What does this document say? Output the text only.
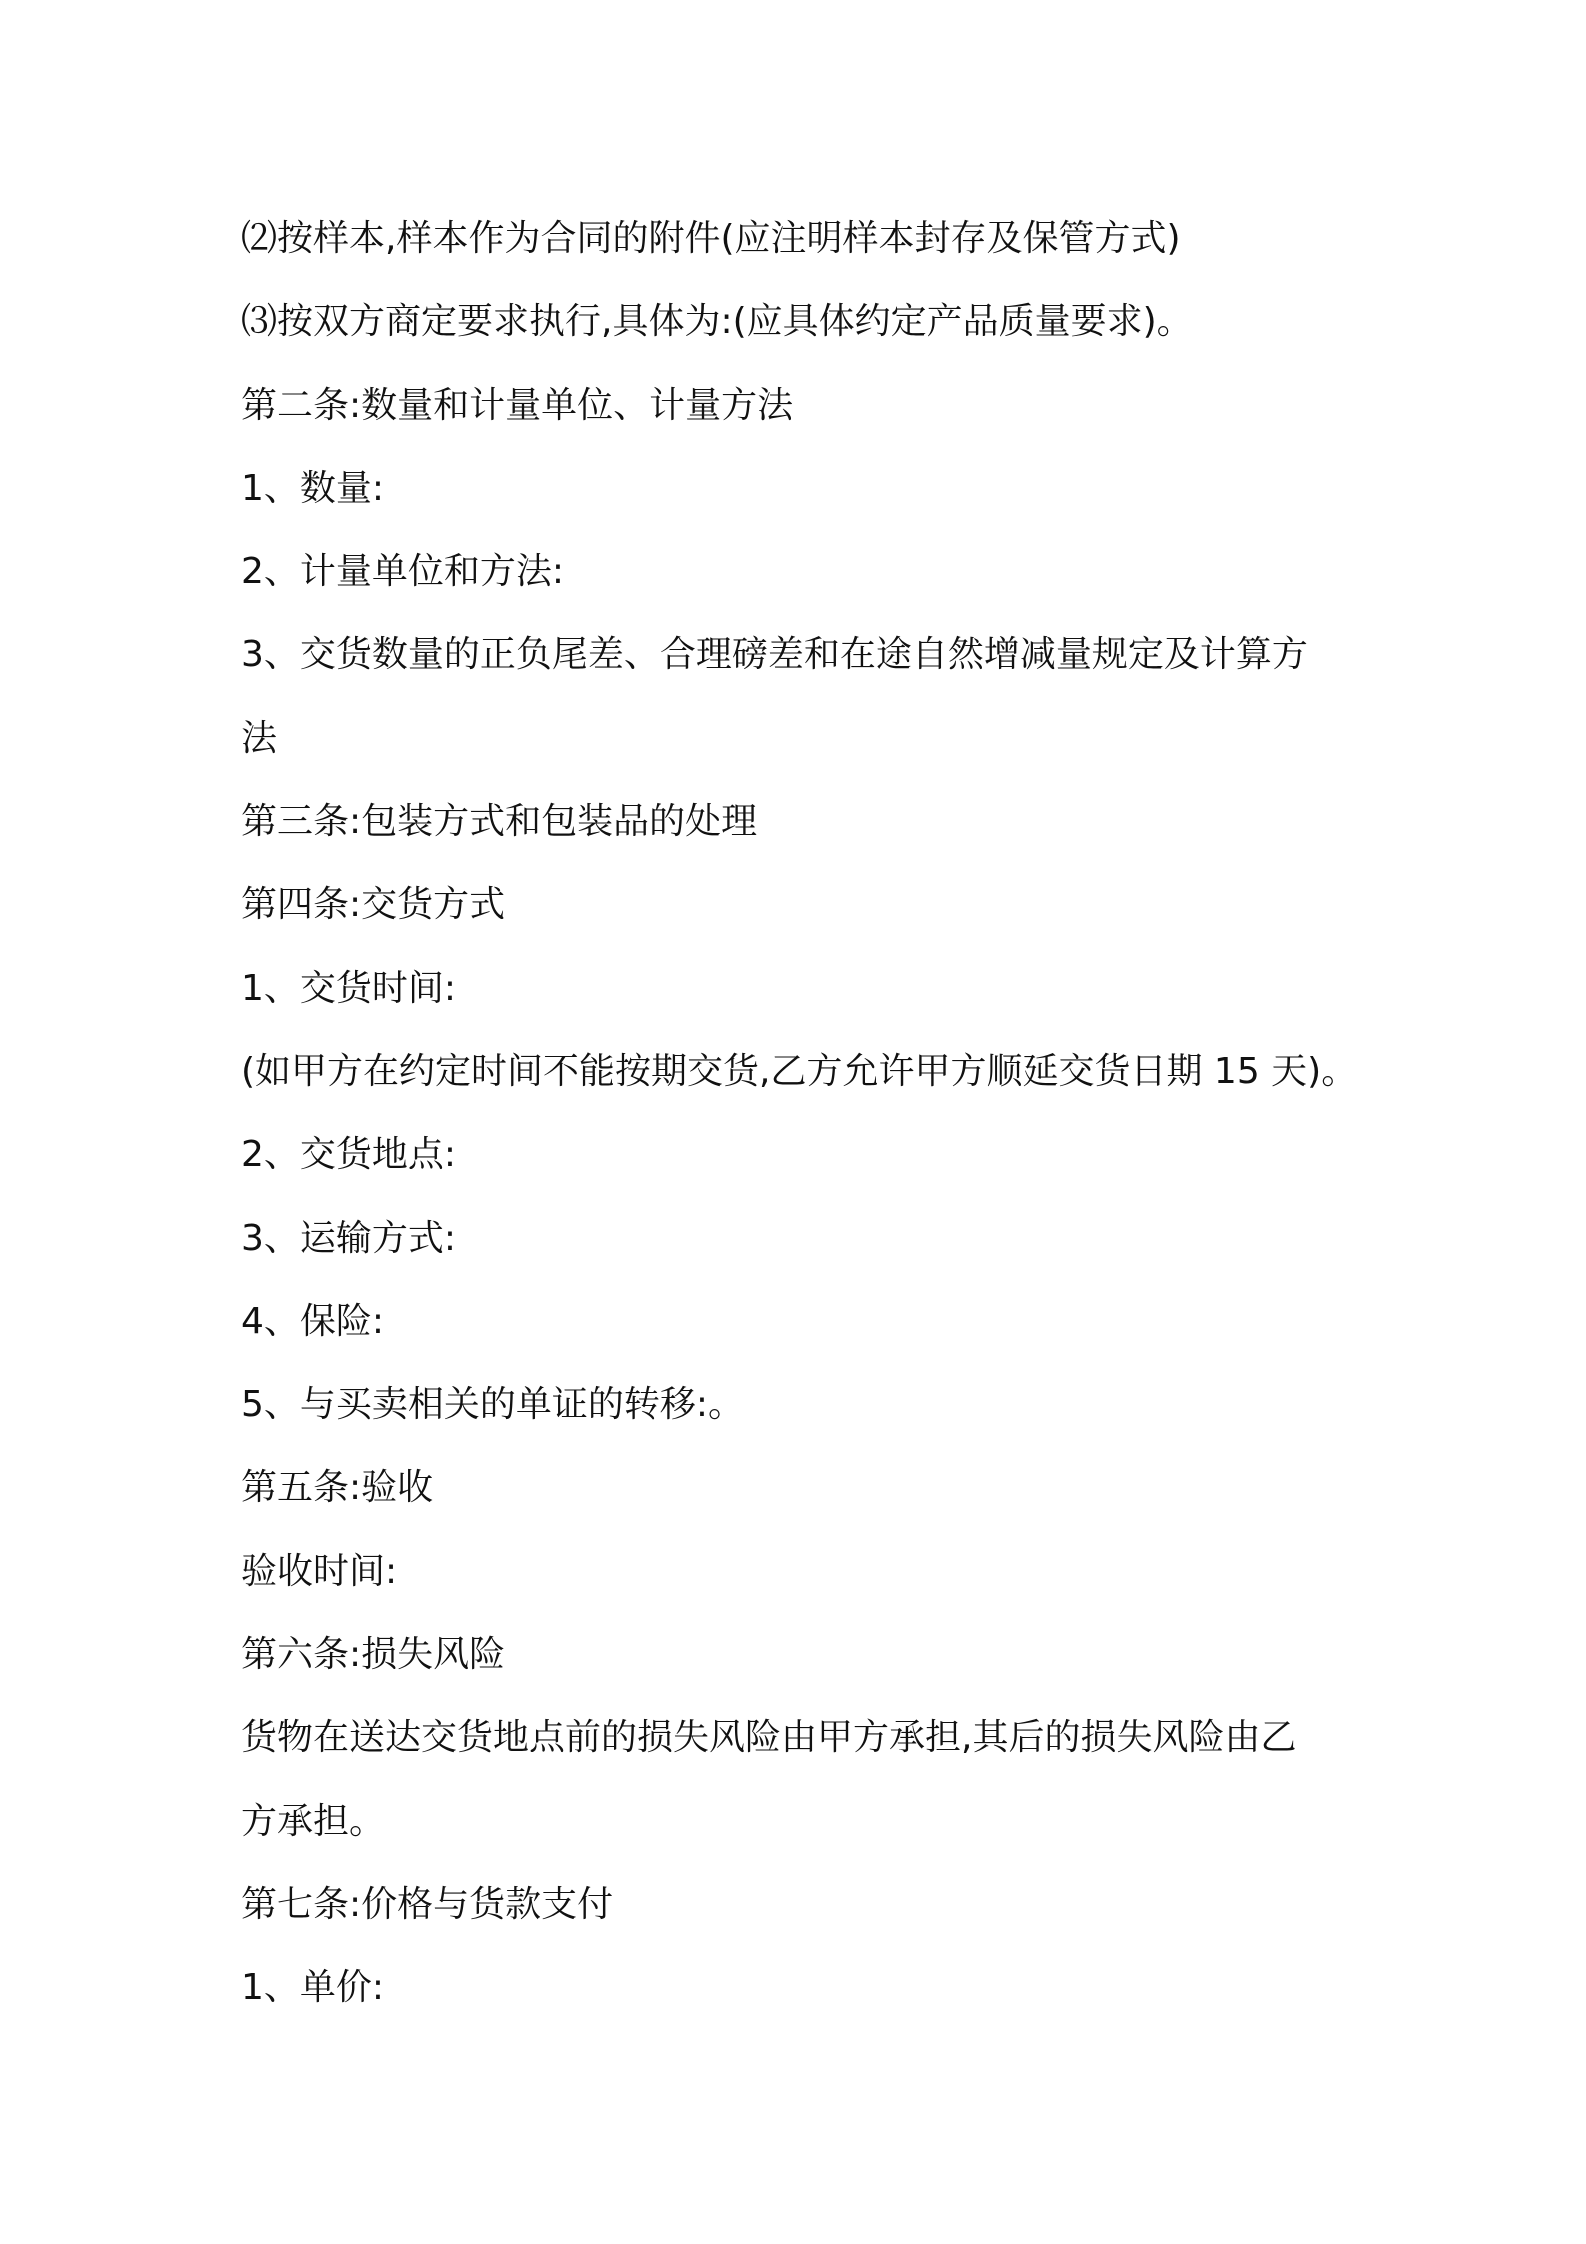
⑵按样本,样本作为合同的附件(应注明样本封存及保管方式)

⑶按双方商定要求执行,具体为:(应具体约定产品质量要求)。

第二条:数量和计量单位、计量方法

1、数量:

2、计量单位和方法:

3、交货数量的正负尾差、合理磅差和在途自然增减量规定及计算方

法

第三条:包装方式和包装品的处理

第四条:交货方式

1、交货时间:

(如甲方在约定时间不能按期交货,乙方允许甲方顺延交货日期 15 天)。

2、交货地点:

3、运输方式:

4、保险:

5、与买卖相关的单证的转移:。

第五条:验收

验收时间:

第六条:损失风险

货物在送达交货地点前的损失风险由甲方承担,其后的损失风险由乙

方承担。

第七条:价格与货款支付

1、单价:
